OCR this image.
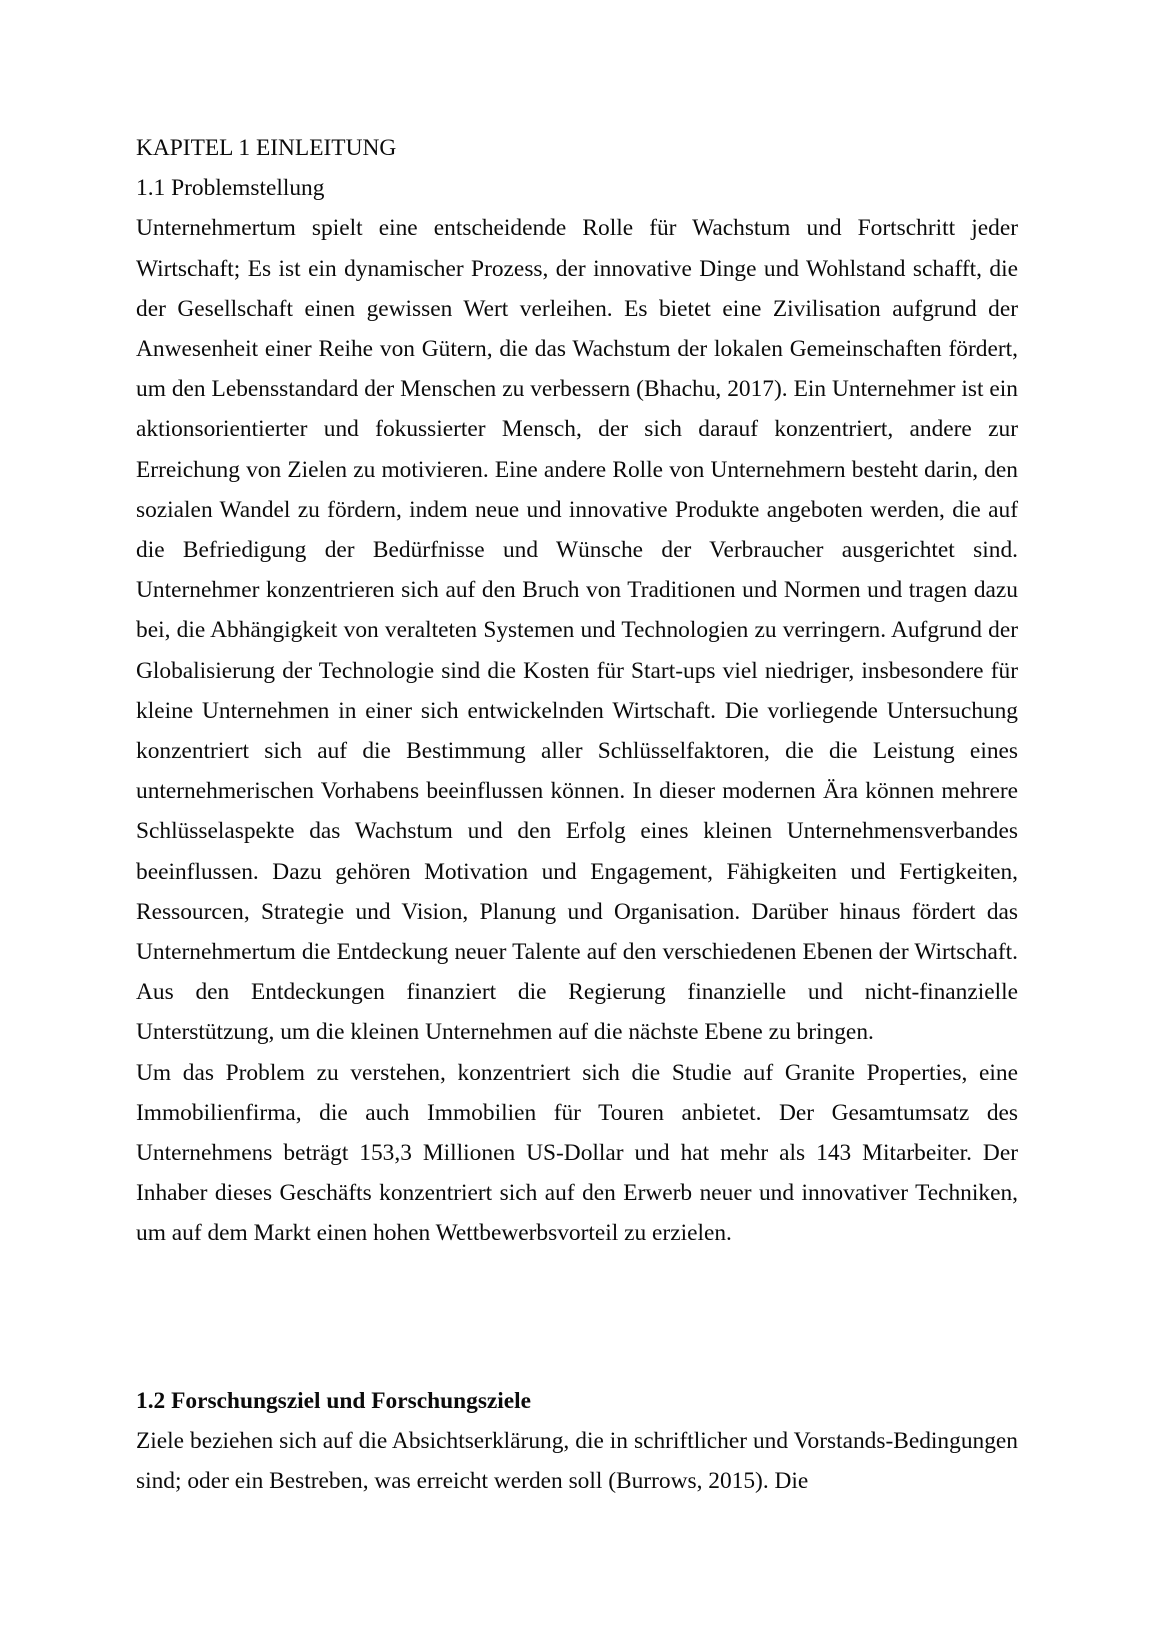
KAPITEL 1 EINLEITUNG
1.1 Problemstellung

Unternehmertum spielt eine entscheidende Rolle für Wachstum und Fortschritt jeder Wirtschaft; Es ist ein dynamischer Prozess, der innovative Dinge und Wohlstand schafft, die der Gesellschaft einen gewissen Wert verleihen. Es bietet eine Zivilisation aufgrund der Anwesenheit einer Reihe von Gütern, die das Wachstum der lokalen Gemeinschaften fördert, um den Lebensstandard der Menschen zu verbessern (Bhachu, 2017). Ein Unternehmer ist ein aktionsorientierter und fokussierter Mensch, der sich darauf konzentriert, andere zur Erreichung von Zielen zu motivieren. Eine andere Rolle von Unternehmern besteht darin, den sozialen Wandel zu fördern, indem neue und innovative Produkte angeboten werden, die auf die Befriedigung der Bedürfnisse und Wünsche der Verbraucher ausgerichtet sind. Unternehmer konzentrieren sich auf den Bruch von Traditionen und Normen und tragen dazu bei, die Abhängigkeit von veralteten Systemen und Technologien zu verringern. Aufgrund der Globalisierung der Technologie sind die Kosten für Start-ups viel niedriger, insbesondere für kleine Unternehmen in einer sich entwickelnden Wirtschaft. Die vorliegende Untersuchung konzentriert sich auf die Bestimmung aller Schlüsselfaktoren, die die Leistung eines unternehmerischen Vorhabens beeinflussen können. In dieser modernen Ära können mehrere Schlüsselaspekte das Wachstum und den Erfolg eines kleinen Unternehmensverbandes beeinflussen. Dazu gehören Motivation und Engagement, Fähigkeiten und Fertigkeiten, Ressourcen, Strategie und Vision, Planung und Organisation. Darüber hinaus fördert das Unternehmertum die Entdeckung neuer Talente auf den verschiedenen Ebenen der Wirtschaft. Aus den Entdeckungen finanziert die Regierung finanzielle und nicht-finanzielle Unterstützung, um die kleinen Unternehmen auf die nächste Ebene zu bringen.

Um das Problem zu verstehen, konzentriert sich die Studie auf Granite Properties, eine Immobilienfirma, die auch Immobilien für Touren anbietet. Der Gesamtumsatz des Unternehmens beträgt 153,3 Millionen US-Dollar und hat mehr als 143 Mitarbeiter. Der Inhaber dieses Geschäfts konzentriert sich auf den Erwerb neuer und innovativer Techniken, um auf dem Markt einen hohen Wettbewerbsvorteil zu erzielen.

1.2 Forschungsziel und Forschungsziele

Ziele beziehen sich auf die Absichtserklärung, die in schriftlicher und Vorstands-Bedingungen sind; oder ein Bestreben, was erreicht werden soll (Burrows, 2015). Die
